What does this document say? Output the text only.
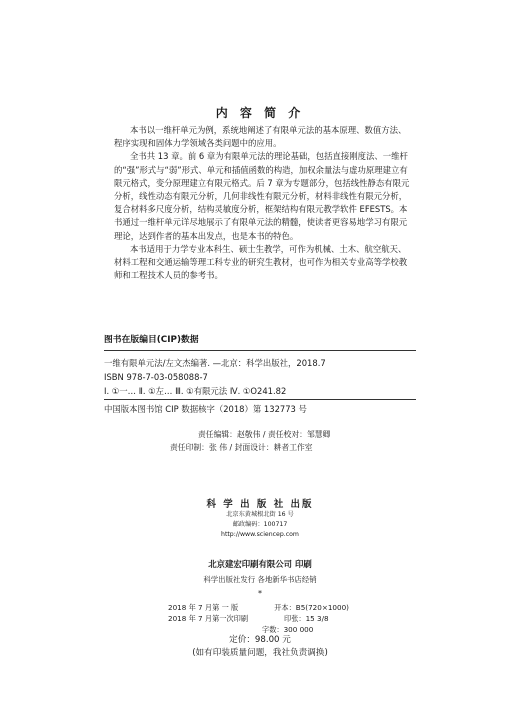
内 容 简 介

本书以一维杆单元为例，系统地阐述了有限单元法的基本原理、数值方法、程序实现和固体力学领域各类问题中的应用。

全书共 13 章。前 6 章为有限单元法的理论基础，包括直接刚度法、一维杆的“强”形式与“弱”形式、单元和插值函数的构造，加权余量法与虚功原理建立有限元格式，变分原理建立有限元格式。后 7 章为专题部分，包括线性静态有限元分析，线性动态有限元分析，几何非线性有限元分析，材料非线性有限元分析，复合材料多尺度分析，结构灵敏度分析，框架结构有限元教学软件 EFESTS。本书通过一维杆单元详尽地展示了有限单元法的精髓，使读者更容易地学习有限元理论，达到作者的基本出发点，也是本书的特色。

本书适用于力学专业本科生、硕士生教学，可作为机械、土木、航空航天、材料工程和交通运输等理工科专业的研究生教材，也可作为相关专业高等学校教师和工程技术人员的参考书。

图书在版编目(CIP)数据
一维有限单元法/左文杰编著. —北京：科学出版社，2018.7
ISBN 978-7-03-058088-7
Ⅰ. ①一… Ⅱ. ①左… Ⅲ. ①有限元法 Ⅳ. ①O241.82
中国版本图书馆 CIP 数据核字（2018）第 132773 号
责任编辑：赵敬伟 / 责任校对：邹慧卿
责任印制：张 伟 / 封面设计：耕者工作室
科 学 出 版 社 出版
北京东黄城根北街 16 号
邮政编码：100717
http://www.sciencep.com
北京建宏印刷有限公司 印刷
科学出版社发行 各地新华书店经销
*
2018 年 7 月第 一 版	开本：B5(720×1000)
2018 年 7 月第一次印刷	印张：15 3/8
字数：300 000
定价：98.00 元
(如有印装质量问题，我社负责调换)
